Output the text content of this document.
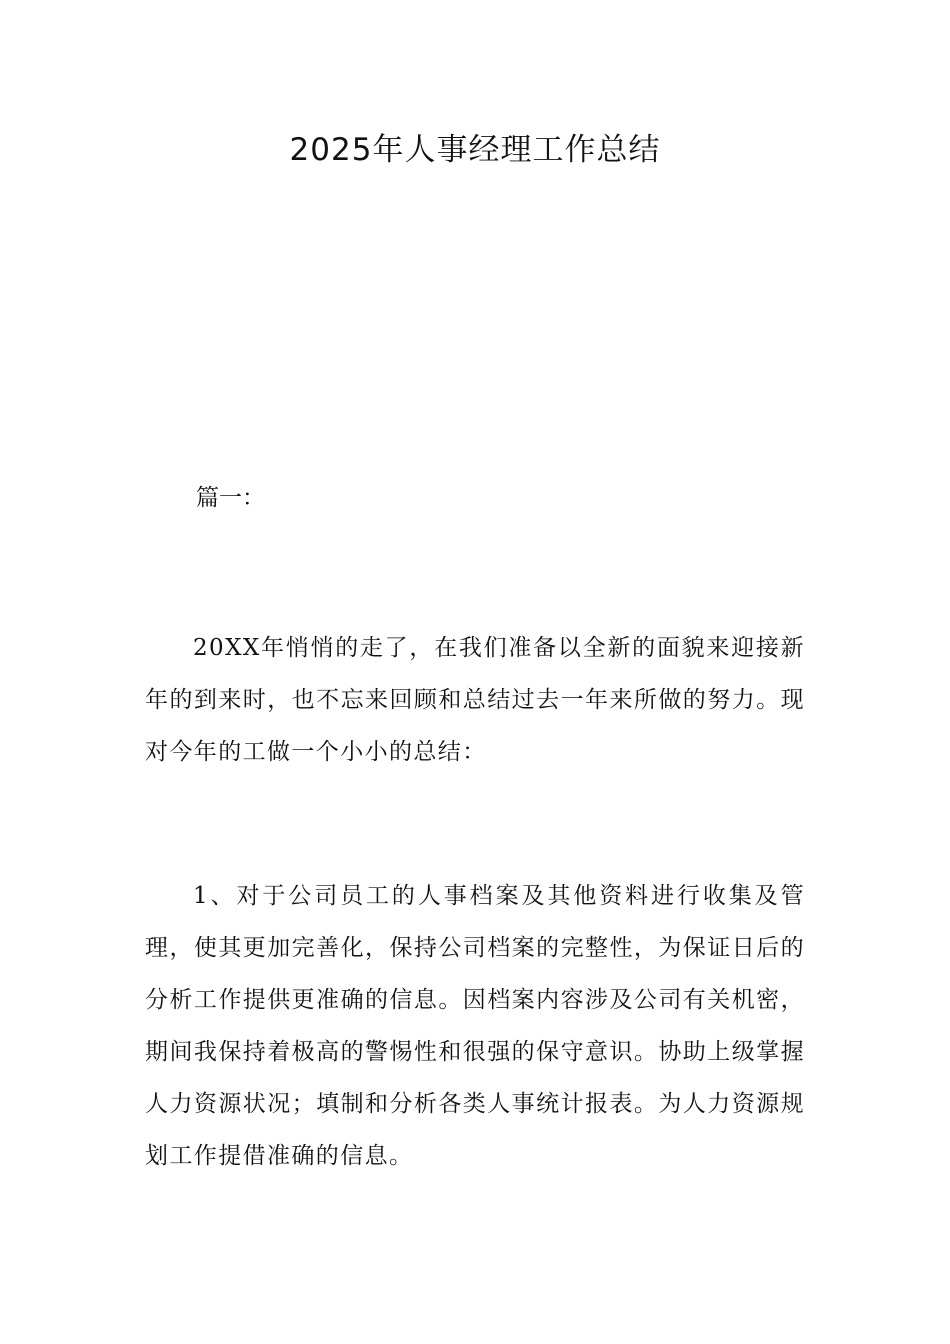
2025年人事经理工作总结
篇一：

20XX年悄悄的走了，在我们准备以全新的面貌来迎接新年的到来时，也不忘来回顾和总结过去一年来所做的努力。现对今年的工做一个小小的总结：

1、对于公司员工的人事档案及其他资料进行收集及管理，使其更加完善化，保持公司档案的完整性，为保证日后的分析工作提供更准确的信息。因档案内容涉及公司有关机密，期间我保持着极高的警惕性和很强的保守意识。协助上级掌握人力资源状况；填制和分析各类人事统计报表。为人力资源规划工作提借准确的信息。
